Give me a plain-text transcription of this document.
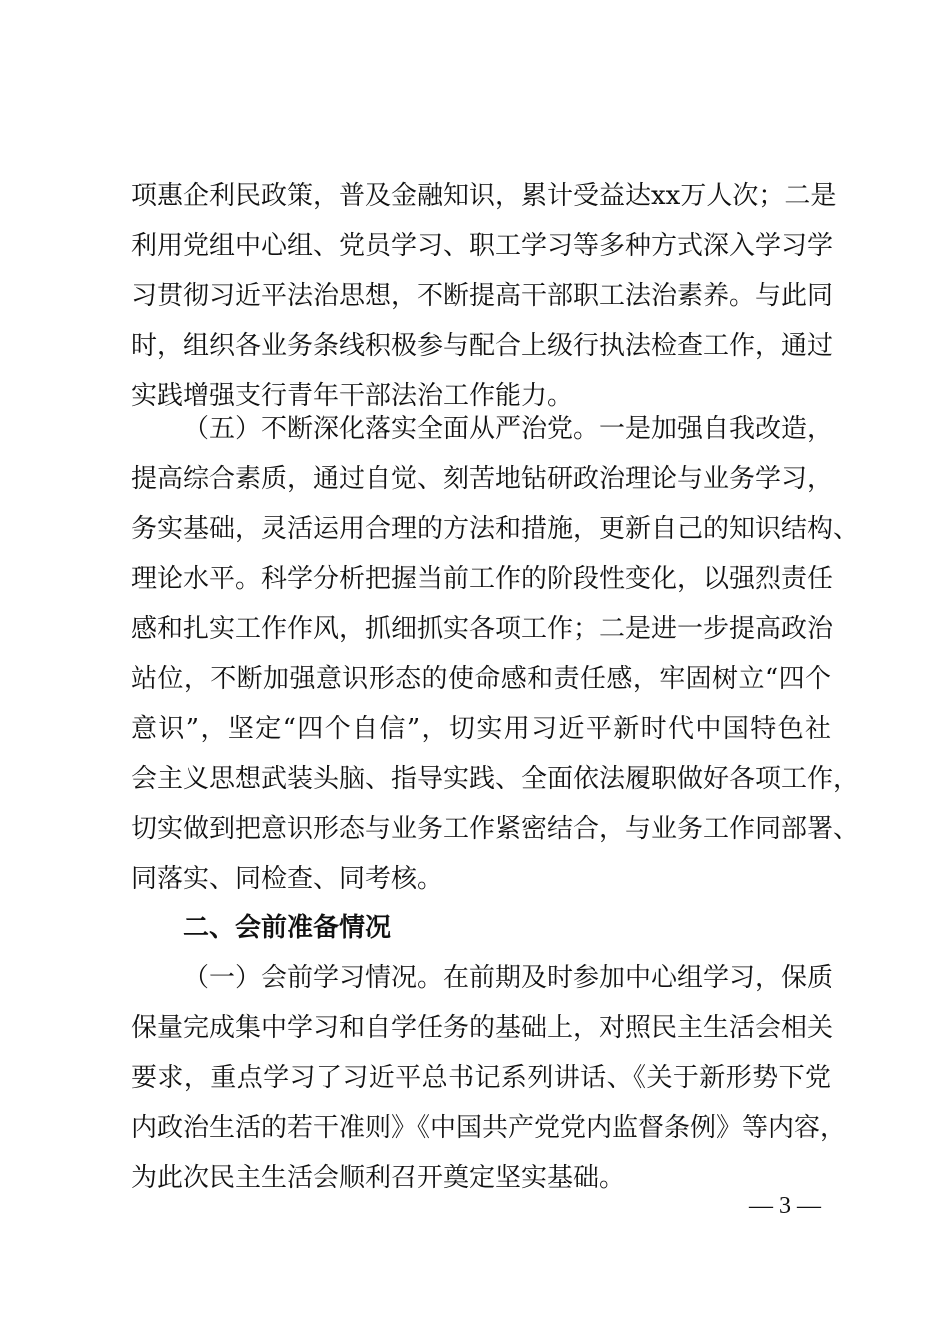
项惠企利民政策，普及金融知识，累计受益达xx万人次；二是
利用党组中心组、党员学习、职工学习等多种方式深入学习学
习贯彻习近平法治思想，不断提高干部职工法治素养。与此同
时，组织各业务条线积极参与配合上级行执法检查工作，通过
实践增强支行青年干部法治工作能力。
（五）不断深化落实全面从严治党。一是加强自我改造，
提高综合素质，通过自觉、刻苦地钻研政治理论与业务学习，
务实基础，灵活运用合理的方法和措施，更新自己的知识结构、
理论水平。科学分析把握当前工作的阶段性变化，以强烈责任
感和扎实工作作风，抓细抓实各项工作；二是进一步提高政治
站位，不断加强意识形态的使命感和责任感，牢固树立“四个
意识”，坚定“四个自信”，切实用习近平新时代中国特色社
会主义思想武装头脑、指导实践、全面依法履职做好各项工作，
切实做到把意识形态与业务工作紧密结合，与业务工作同部署、
同落实、同检查、同考核。
二、会前准备情况
（一）会前学习情况。在前期及时参加中心组学习，保质
保量完成集中学习和自学任务的基础上，对照民主生活会相关
要求，重点学习了习近平总书记系列讲话、《关于新形势下党
内政治生活的若干准则》《中国共产党党内监督条例》等内容，
为此次民主生活会顺利召开奠定坚实基础。
— 3 —
